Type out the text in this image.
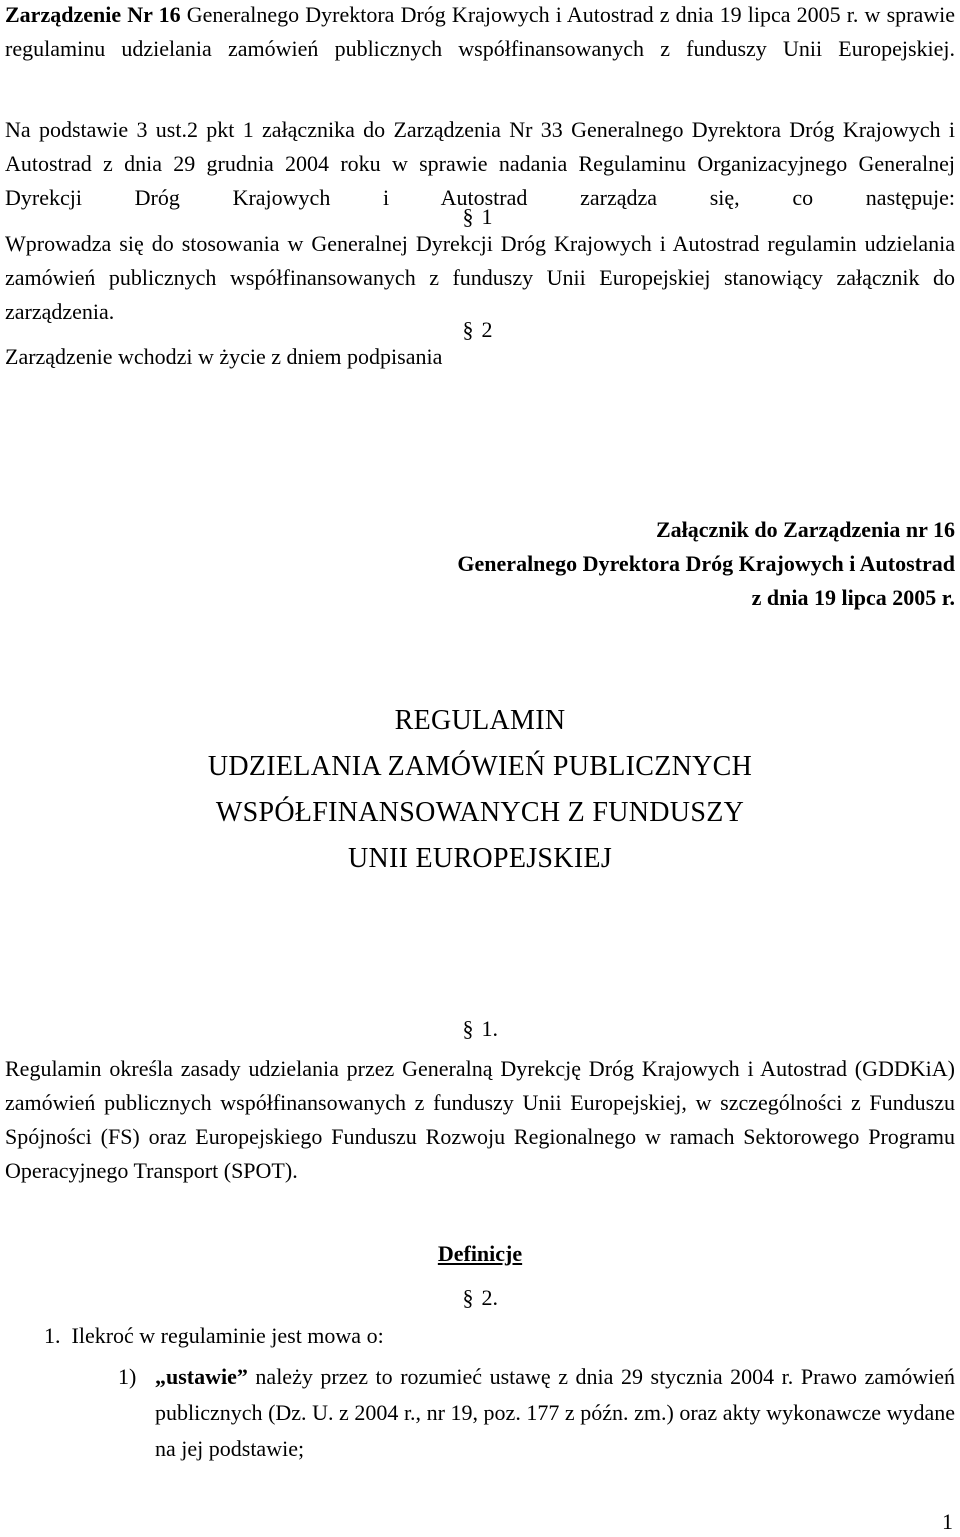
Zarządzenie Nr 16 Generalnego Dyrektora Dróg Krajowych i Autostrad z dnia 19 lipca 2005 r. w sprawie regulaminu udzielania zamówień publicznych współfinansowanych z funduszy Unii Europejskiej.

Na podstawie 3 ust.2 pkt 1 załącznika do Zarządzenia Nr 33 Generalnego Dyrektora Dróg Krajowych i Autostrad z dnia 29 grudnia 2004 roku w sprawie nadania Regulaminu Organizacyjnego Generalnej Dyrekcji Dróg Krajowych i Autostrad zarządza się, co następuje:

§ 1

Wprowadza się do stosowania w Generalnej Dyrekcji Dróg Krajowych i Autostrad regulamin udzielania zamówień publicznych współfinansowanych z funduszy Unii Europejskiej stanowiący załącznik do zarządzenia.

§ 2

Zarządzenie wchodzi w życie z dniem podpisania

Załącznik do Zarządzenia nr 16
Generalnego Dyrektora Dróg Krajowych i Autostrad
z dnia 19 lipca 2005 r.
REGULAMIN
UDZIELANIA ZAMÓWIEŃ PUBLICZNYCH
WSPÓŁFINANSOWANYCH Z FUNDUSZY
UNII EUROPEJSKIEJ
§ 1.

Regulamin określa zasady udzielania przez Generalną Dyrekcję Dróg Krajowych i Autostrad (GDDKiA) zamówień publicznych współfinansowanych z funduszy Unii Europejskiej, w szczególności z Funduszu Spójności (FS) oraz Europejskiego Funduszu Rozwoju Regionalnego w ramach Sektorowego Programu Operacyjnego Transport (SPOT).

Definicje
§ 2.
1. Ilekroć w regulaminie jest mowa o:
1) „ustawie” należy przez to rozumieć ustawę z dnia 29 stycznia 2004 r. Prawo zamówień publicznych (Dz. U. z 2004 r., nr 19, poz. 177 z późn. zm.) oraz akty wykonawcze wydane na jej podstawie;

1
